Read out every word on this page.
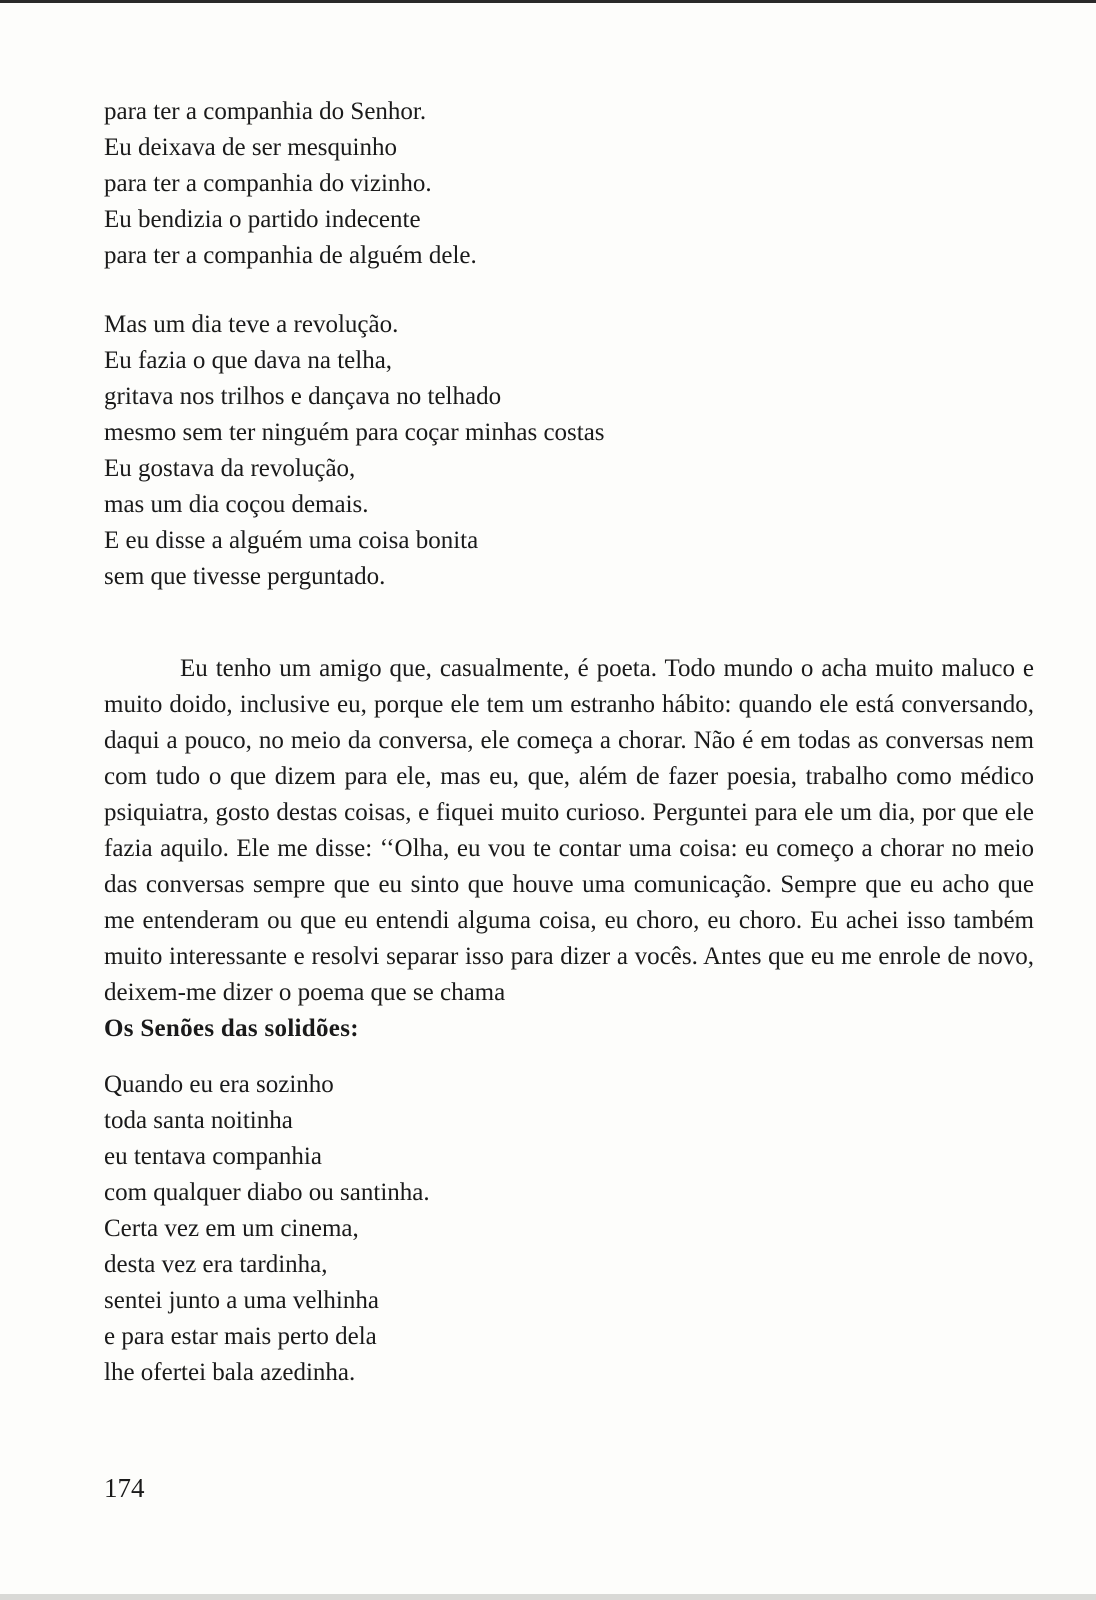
para ter a companhia do Senhor.
Eu deixava de ser mesquinho
para ter a companhia do vizinho.
Eu bendizia o partido indecente
para ter a companhia de alguém dele.
Mas um dia teve a revolução.
Eu fazia o que dava na telha,
gritava nos trilhos e dançava no telhado
mesmo sem ter ninguém para coçar minhas costas
Eu gostava da revolução,
mas um dia coçou demais.
E eu disse a alguém uma coisa bonita
sem que tivesse perguntado.

Eu tenho um amigo que, casualmente, é poeta. Todo mundo o acha muito maluco e muito doido, inclusive eu, porque ele tem um estranho hábito: quando ele está conversando, daqui a pouco, no meio da conversa, ele começa a chorar. Não é em todas as conversas nem com tudo o que dizem para ele, mas eu, que, além de fazer poesia, trabalho como médico psiquiatra, gosto destas coisas, e fiquei muito curioso. Perguntei para ele um dia, por que ele fazia aquilo. Ele me disse: ‘‘Olha, eu vou te contar uma coisa: eu começo a chorar no meio das conversas sempre que eu sinto que houve uma comunicação. Sempre que eu acho que me entenderam ou que eu entendi alguma coisa, eu choro, eu choro. Eu achei isso também muito interessante e resolvi separar isso para dizer a vocês. Antes que eu me enrole de novo, deixem-me dizer o poema que se chama

Os Senões das solidões:

Quando eu era sozinho
toda santa noitinha
eu tentava companhia
com qualquer diabo ou santinha.
Certa vez em um cinema,
desta vez era tardinha,
sentei junto a uma velhinha
e para estar mais perto dela
lhe ofertei bala azedinha.
174
